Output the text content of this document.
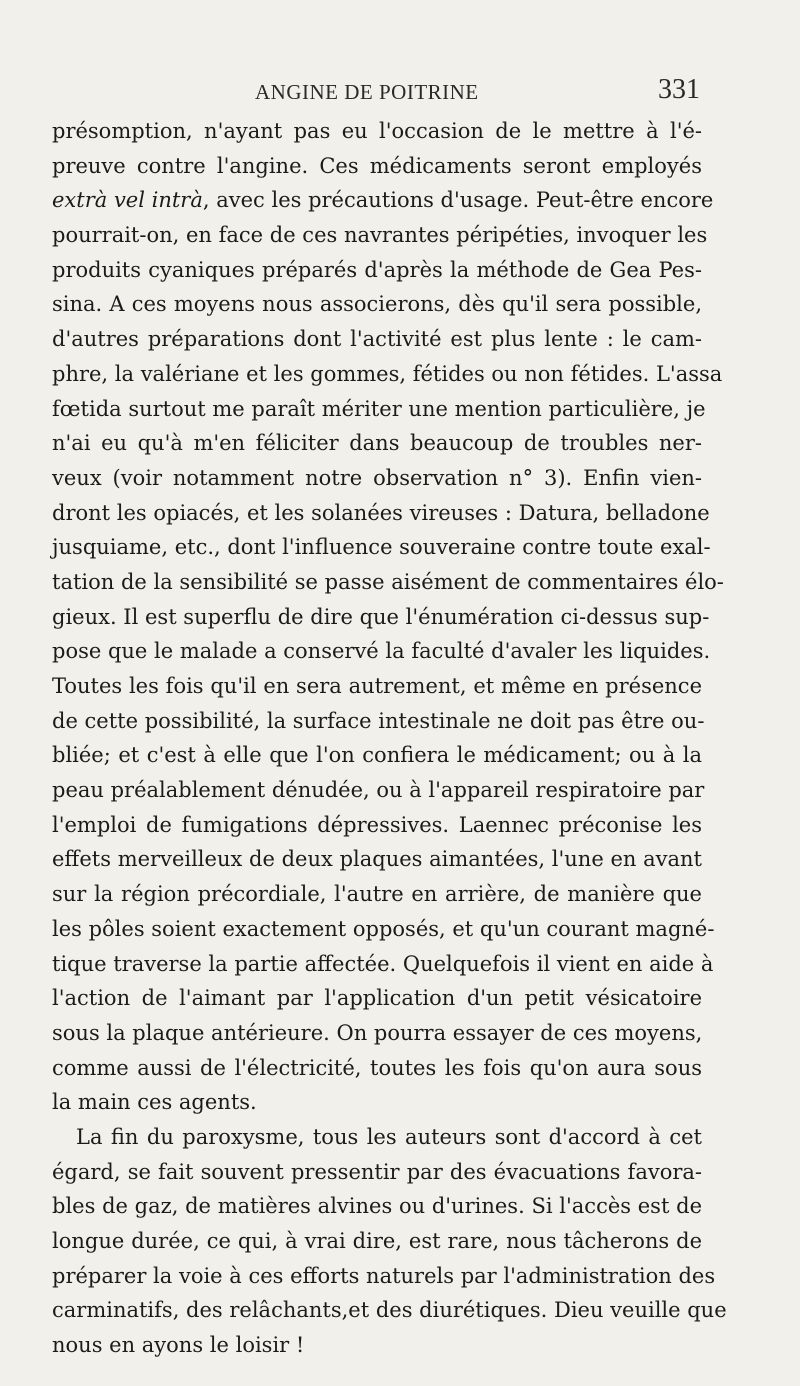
ANGINE DE POITRINE	331
présomption, n'ayant pas eu l'occasion de le mettre à l'é-
preuve contre l'angine. Ces médicaments seront employés
extrà vel intrà, avec les précautions d'usage. Peut-être encore
pourrait-on, en face de ces navrantes péripéties, invoquer les
produits cyaniques préparés d'après la méthode de Gea Pes-
sina. A ces moyens nous associerons, dès qu'il sera possible,
d'autres préparations dont l'activité est plus lente : le cam-
phre, la valériane et les gommes, fétides ou non fétides. L'assa
fœtida surtout me paraît mériter une mention particulière, je
n'ai eu qu'à m'en féliciter dans beaucoup de troubles ner-
veux (voir notamment notre observation n° 3). Enfin vien-
dront les opiacés, et les solanées vireuses : Datura, belladone
jusquiame, etc., dont l'influence souveraine contre toute exal-
tation de la sensibilité se passe aisément de commentaires élo-
gieux. Il est superflu de dire que l'énumération ci-dessus sup-
pose que le malade a conservé la faculté d'avaler les liquides.
Toutes les fois qu'il en sera autrement, et même en présence
de cette possibilité, la surface intestinale ne doit pas être ou-
bliée; et c'est à elle que l'on confiera le médicament; ou à la
peau préalablement dénudée, ou à l'appareil respiratoire par
l'emploi de fumigations dépressives. Laennec préconise les
effets merveilleux de deux plaques aimantées, l'une en avant
sur la région précordiale, l'autre en arrière, de manière que
les pôles soient exactement opposés, et qu'un courant magné-
tique traverse la partie affectée. Quelquefois il vient en aide à
l'action de l'aimant par l'application d'un petit vésicatoire
sous la plaque antérieure. On pourra essayer de ces moyens,
comme aussi de l'électricité, toutes les fois qu'on aura sous
la main ces agents.
La fin du paroxysme, tous les auteurs sont d'accord à cet
égard, se fait souvent pressentir par des évacuations favora-
bles de gaz, de matières alvines ou d'urines. Si l'accès est de
longue durée, ce qui, à vrai dire, est rare, nous tâcherons de
préparer la voie à ces efforts naturels par l'administration des
carminatifs, des relâchants,et des diurétiques. Dieu veuille que
nous en ayons le loisir !
